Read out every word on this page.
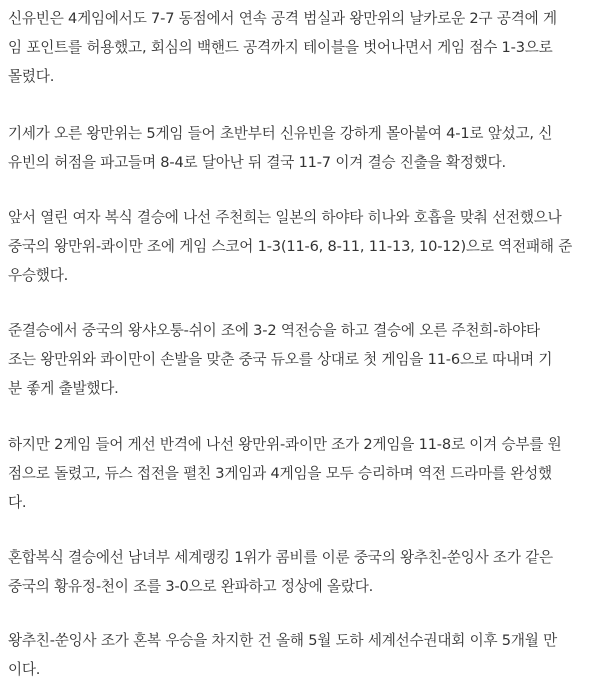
신유빈은 4게임에서도 7-7 동점에서 연속 공격 범실과 왕만위의 날카로운 2구 공격에 게
임 포인트를 허용했고, 회심의 백핸드 공격까지 테이블을 벗어나면서 게임 점수 1-3으로
몰렸다.

기세가 오른 왕만위는 5게임 들어 초반부터 신유빈을 강하게 몰아붙여 4-1로 앞섰고, 신
유빈의 허점을 파고들며 8-4로 달아난 뒤 결국 11-7 이겨 결승 진출을 확정했다.

앞서 열린 여자 복식 결승에 나선 주천희는 일본의 하야타 히나와 호흡을 맞춰 선전했으나
중국의 왕만위-콰이만 조에 게임 스코어 1-3(11-6, 8-11, 11-13, 10-12)으로 역전패해 준
우승했다.

준결승에서 중국의 왕샤오퉁-쉬이 조에 3-2 역전승을 하고 결승에 오른 주천희-하야타
조는 왕만위와 콰이만이 손발을 맞춘 중국 듀오를 상대로 첫 게임을 11-6으로 따내며 기
분 좋게 출발했다.

하지만 2게임 들어 게선 반격에 나선 왕만위-콰이만 조가 2게임을 11-8로 이겨 승부를 원
점으로 돌렸고, 듀스 접전을 펼친 3게임과 4게임을 모두 승리하며 역전 드라마를 완성했
다.

혼합복식 결승에선 남녀부 세계랭킹 1위가 콤비를 이룬 중국의 왕추친-쑨잉사 조가 같은
중국의 황유정-천이 조를 3-0으로 완파하고 정상에 올랐다.

왕추친-쑨잉사 조가 혼복 우승을 차지한 건 올해 5월 도하 세계선수권대회 이후 5개월 만
이다.
